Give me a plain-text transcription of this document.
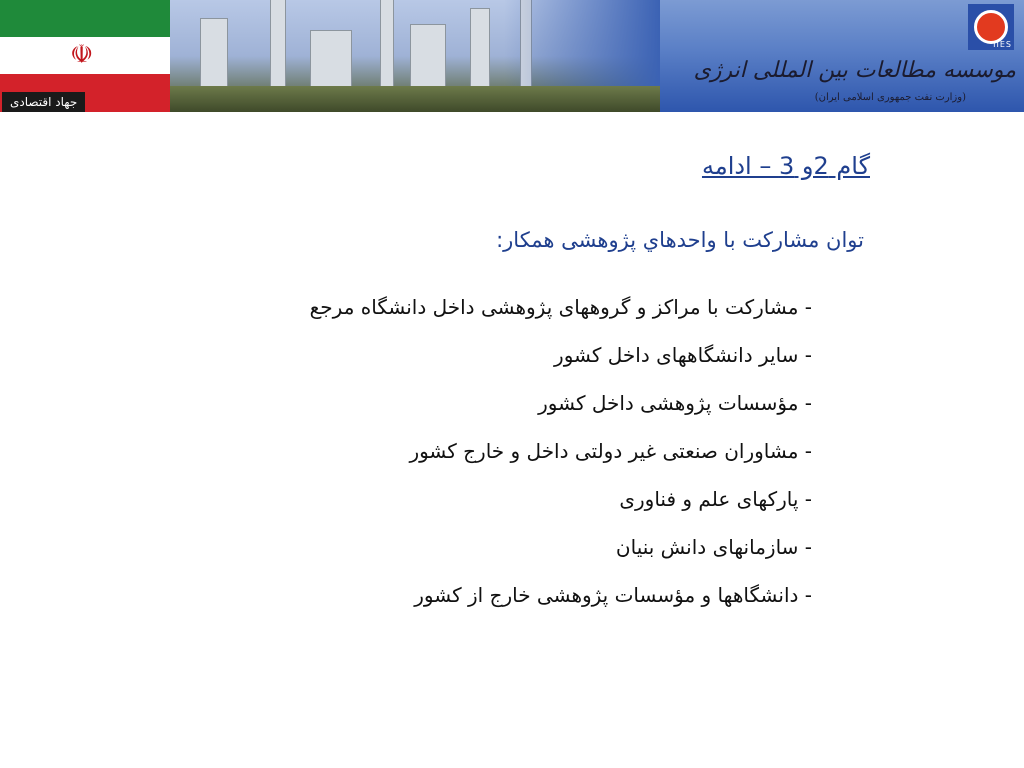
☫
جهاد اقتصادی
IIES
موسسه مطالعات بین المللی انرژی
(وزارت نفت جمهوری اسلامی ایران)
گام 2و 3 – ادامه
توان مشارکت با واحدهاي پژوهشی همکار:
- مشارکت با مراکز و گروههای پژوهشی داخل دانشگاه مرجع
- سایر دانشگاههای داخل کشور
- مؤسسات پژوهشی داخل کشور
- مشاوران صنعتی غیر دولتی داخل و خارج کشور
- پارکهای علم و فناوری
- سازمانهای دانش بنیان
- دانشگاهها و مؤسسات پژوهشی خارج از کشور
